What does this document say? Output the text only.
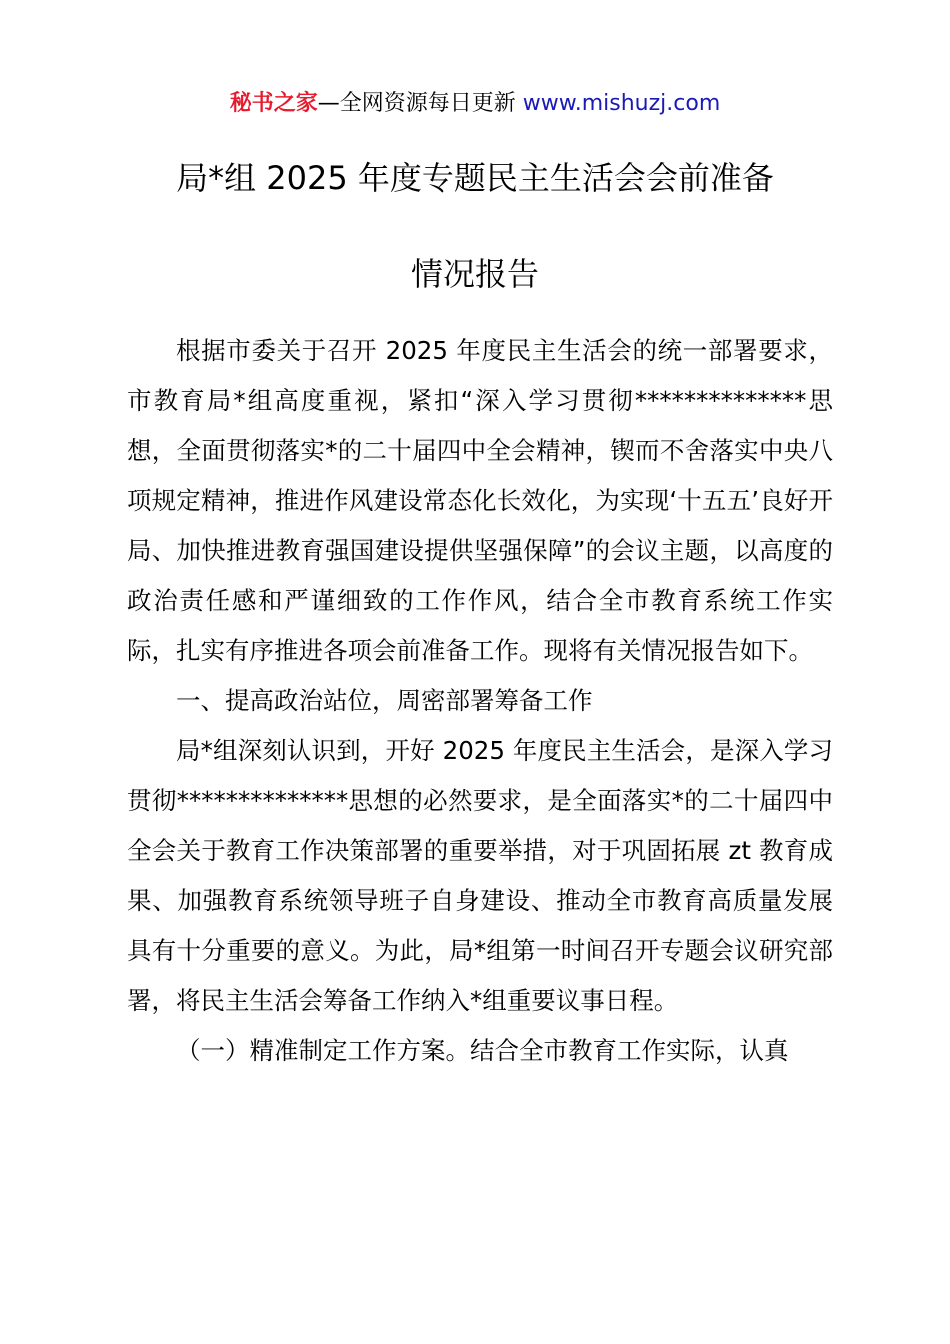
秘书之家—全网资源每日更新 www.mishuzj.com
局*组 2025 年度专题民主生活会会前准备
情况报告

根据市委关于召开 2025 年度民主生活会的统一部署要求，市教育局*组高度重视，紧扣“深入学习贯彻**************思想，全面贯彻落实*的二十届四中全会精神，锲而不舍落实中央八项规定精神，推进作风建设常态化长效化，为实现‘十五五’良好开局、加快推进教育强国建设提供坚强保障”的会议主题，以高度的政治责任感和严谨细致的工作作风，结合全市教育系统工作实际，扎实有序推进各项会前准备工作。现将有关情况报告如下。

一、提高政治站位，周密部署筹备工作

局*组深刻认识到，开好 2025 年度民主生活会，是深入学习贯彻**************思想的必然要求，是全面落实*的二十届四中全会关于教育工作决策部署的重要举措，对于巩固拓展 zt 教育成果、加强教育系统领导班子自身建设、推动全市教育高质量发展具有十分重要的意义。为此，局*组第一时间召开专题会议研究部署，将民主生活会筹备工作纳入*组重要议事日程。

（一）精准制定工作方案。结合全市教育工作实际，认真
